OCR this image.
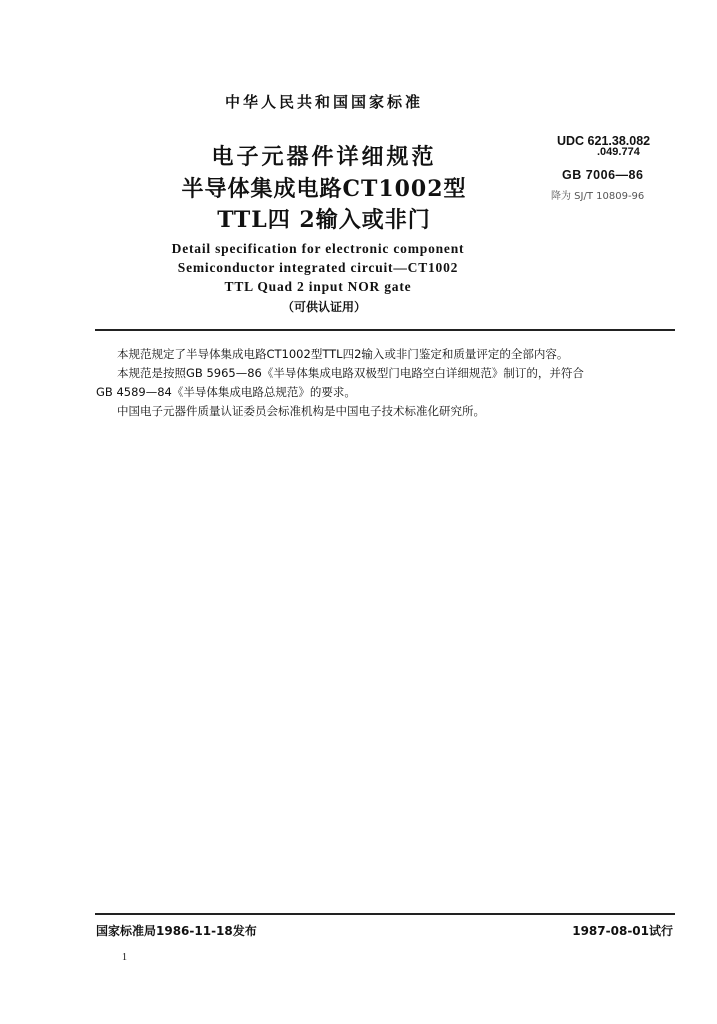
中华人民共和国国家标准
电子元器件详细规范
半导体集成电路CT1002型
TTL四 2输入或非门
UDC 621.38.082
.049.774
GB 7006—86
降为 SJ/T 10809-96
Detail specification for electronic component
Semiconductor integrated circuit—CT1002
TTL Quad 2 input NOR gate
（可供认证用）
本规范规定了半导体集成电路CT1002型TTL四2输入或非门鉴定和质量评定的全部内容。
本规范是按照GB 5965—86《半导体集成电路双极型门电路空白详细规范》制订的，并符合
GB 4589—84《半导体集成电路总规范》的要求。
中国电子元器件质量认证委员会标准机构是中国电子技术标准化研究所。
国家标准局1986-11-18发布	1987-08-01试行
1
